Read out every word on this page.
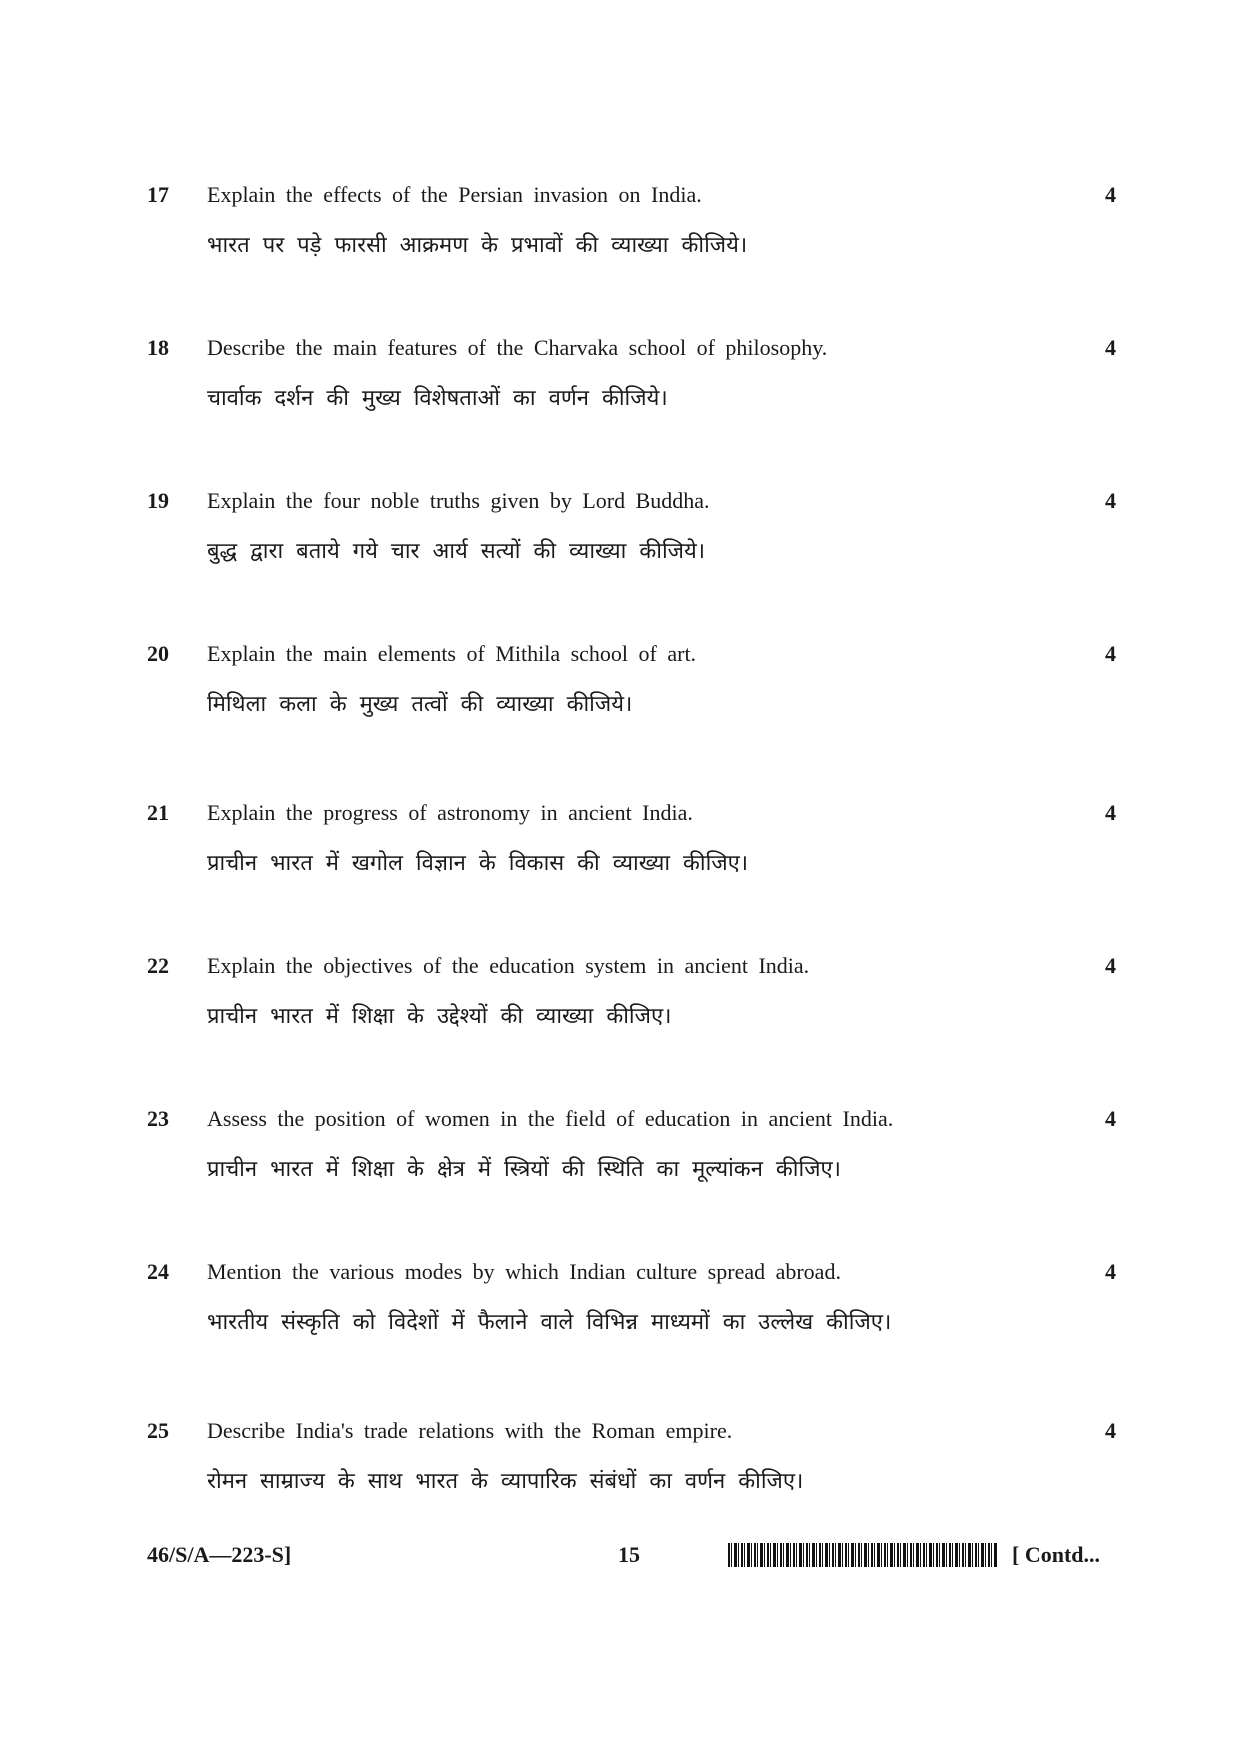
17 Explain the effects of the Persian invasion on India.
भारत पर पड़े फारसी आक्रमण के प्रभावों की व्याख्या कीजिये।
4
18 Describe the main features of the Charvaka school of philosophy.
चार्वाक दर्शन की मुख्य विशेषताओं का वर्णन कीजिये।
4
19 Explain the four noble truths given by Lord Buddha.
बुद्ध द्वारा बताये गये चार आर्य सत्यों की व्याख्या कीजिये।
4
20 Explain the main elements of Mithila school of art.
मिथिला कला के मुख्य तत्वों की व्याख्या कीजिये।
4
21 Explain the progress of astronomy in ancient India.
प्राचीन भारत में खगोल विज्ञान के विकास की व्याख्या कीजिए।
4
22 Explain the objectives of the education system in ancient India.
प्राचीन भारत में शिक्षा के उद्देश्यों की व्याख्या कीजिए।
4
23 Assess the position of women in the field of education in ancient India.
प्राचीन भारत में शिक्षा के क्षेत्र में स्त्रियों की स्थिति का मूल्यांकन कीजिए।
4
24 Mention the various modes by which Indian culture spread abroad.
भारतीय संस्कृति को विदेशों में फैलाने वाले विभिन्न माध्यमों का उल्लेख कीजिए।
4
25 Describe India's trade relations with the Roman empire.
रोमन साम्राज्य के साथ भारत के व्यापारिक संबंधों का वर्णन कीजिए।
4
46/S/A—223-S]	15	[ Contd...
